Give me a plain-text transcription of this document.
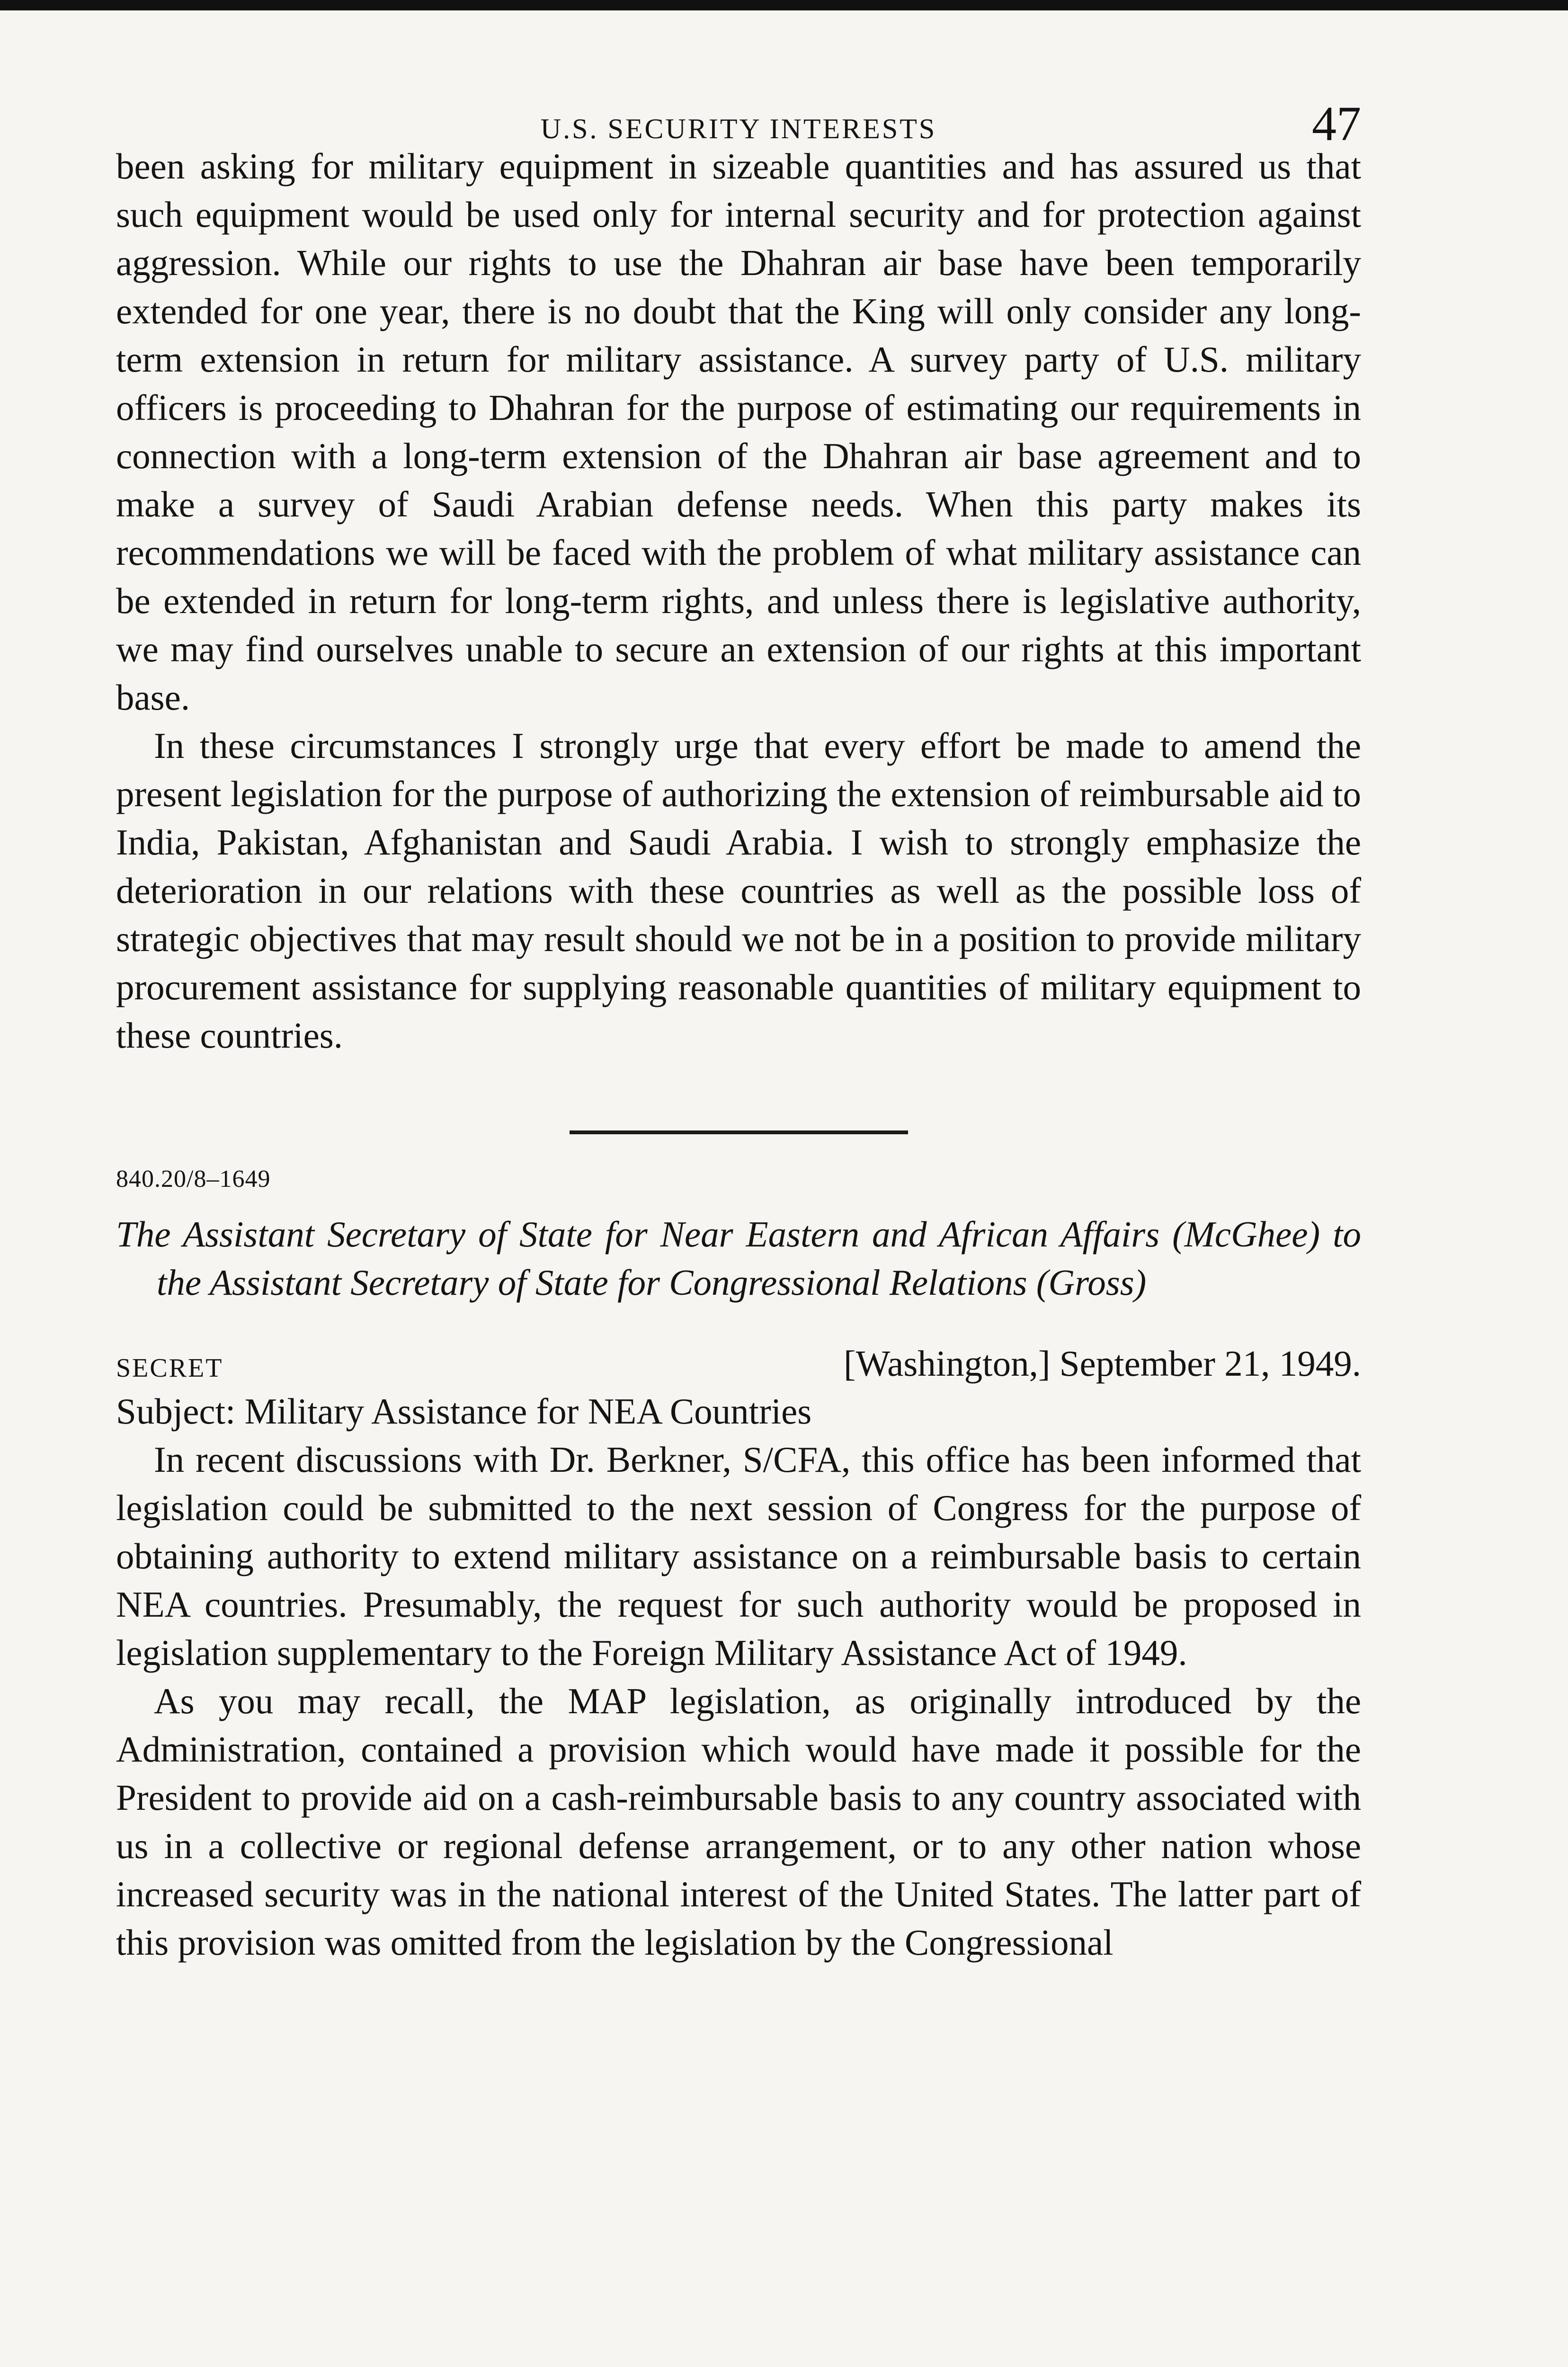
U.S. SECURITY INTERESTS	47

been asking for military equipment in sizeable quantities and has assured us that such equipment would be used only for internal security and for protection against aggression. While our rights to use the Dhahran air base have been temporarily extended for one year, there is no doubt that the King will only consider any long-term extension in return for military assistance. A survey party of U.S. military officers is proceeding to Dhahran for the purpose of estimating our requirements in connection with a long-term extension of the Dhahran air base agreement and to make a survey of Saudi Arabian defense needs. When this party makes its recommendations we will be faced with the problem of what military assistance can be extended in return for long-term rights, and unless there is legislative authority, we may find ourselves unable to secure an extension of our rights at this important base.

In these circumstances I strongly urge that every effort be made to amend the present legislation for the purpose of authorizing the extension of reimbursable aid to India, Pakistan, Afghanistan and Saudi Arabia. I wish to strongly emphasize the deterioration in our relations with these countries as well as the possible loss of strategic objectives that may result should we not be in a position to provide military procurement assistance for supplying reasonable quantities of military equipment to these countries.

840.20/8–1649
The Assistant Secretary of State for Near Eastern and African Affairs (McGhee) to the Assistant Secretary of State for Congressional Relations (Gross)
SECRET	[Washington,] September 21, 1949.
Subject: Military Assistance for NEA Countries

In recent discussions with Dr. Berkner, S/CFA, this office has been informed that legislation could be submitted to the next session of Congress for the purpose of obtaining authority to extend military assistance on a reimbursable basis to certain NEA countries. Presumably, the request for such authority would be proposed in legislation supplementary to the Foreign Military Assistance Act of 1949.

As you may recall, the MAP legislation, as originally introduced by the Administration, contained a provision which would have made it possible for the President to provide aid on a cash-reimbursable basis to any country associated with us in a collective or regional defense arrangement, or to any other nation whose increased security was in the national interest of the United States. The latter part of this provision was omitted from the legislation by the Congressional
